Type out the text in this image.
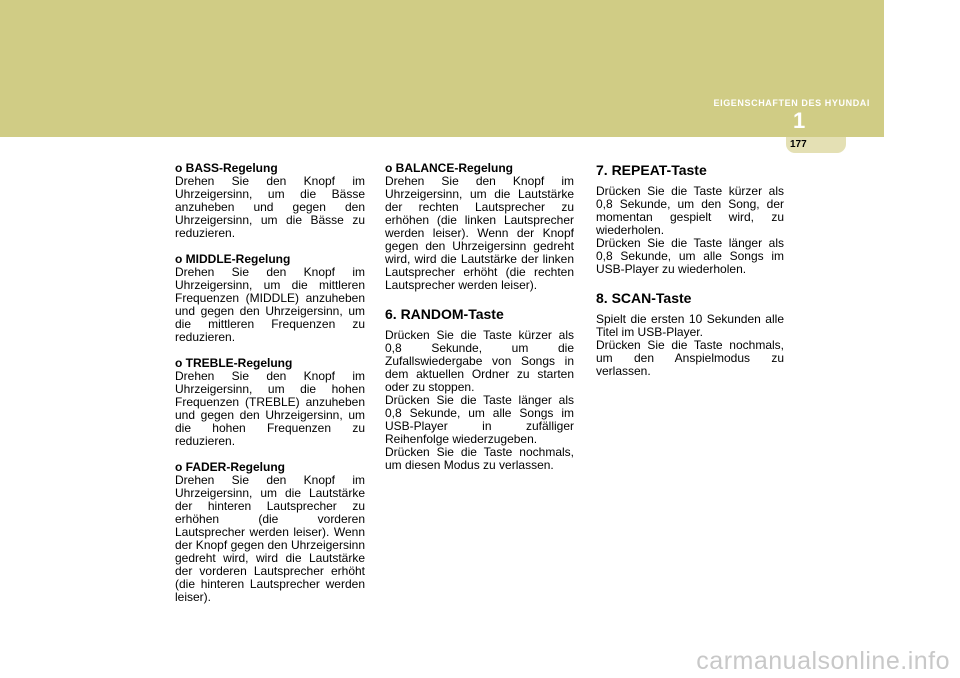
EIGENSCHAFTEN DES HYUNDAI
1
177

o BASS-Regelung

Drehen Sie den Knopf im Uhrzeigersinn, um die Bässe anzuheben und gegen den Uhrzeigersinn, um die Bässe zu reduzieren.

o MIDDLE-Regelung

Drehen Sie den Knopf im Uhrzeigersinn, um die mittleren Frequenzen (MIDDLE) anzuheben und gegen den Uhrzeigersinn, um die mittleren Frequenzen zu reduzieren.

o TREBLE-Regelung

Drehen Sie den Knopf im Uhrzeigersinn, um die hohen Frequenzen (TREBLE) anzuheben und gegen den Uhrzeigersinn, um die hohen Frequenzen zu reduzieren.

o FADER-Regelung

Drehen Sie den Knopf im Uhrzeigersinn, um die Lautstärke der hinteren Lautsprecher zu erhöhen (die vorderen Lautsprecher werden leiser). Wenn der Knopf gegen den Uhrzeigersinn gedreht wird, wird die Lautstärke der vorderen Lautsprecher erhöht (die hinteren Lautsprecher werden leiser).

o BALANCE-Regelung

Drehen Sie den Knopf im Uhrzeigersinn, um die Lautstärke der rechten Lautsprecher zu erhöhen (die linken Lautsprecher werden leiser). Wenn der Knopf gegen den Uhrzeigersinn gedreht wird, wird die Lautstärke der linken Lautsprecher erhöht (die rechten Lautsprecher werden leiser).

6. RANDOM-Taste

Drücken Sie die Taste kürzer als 0,8 Sekunde, um die Zufallswiedergabe von Songs in dem aktuellen Ordner zu starten oder zu stoppen.

Drücken Sie die Taste länger als 0,8 Sekunde, um alle Songs im USB-Player in zufälliger Reihenfolge wiederzugeben.

Drücken Sie die Taste nochmals, um diesen Modus zu verlassen.

7. REPEAT-Taste

Drücken Sie die Taste kürzer als 0,8 Sekunde, um den Song, der momentan gespielt wird, zu wiederholen.

Drücken Sie die Taste länger als 0,8 Sekunde, um alle Songs im USB-Player zu wiederholen.

8. SCAN-Taste

Spielt die ersten 10 Sekunden alle Titel im USB-Player.

Drücken Sie die Taste nochmals, um den Anspielmodus zu verlassen.

carmanualsonline.info
